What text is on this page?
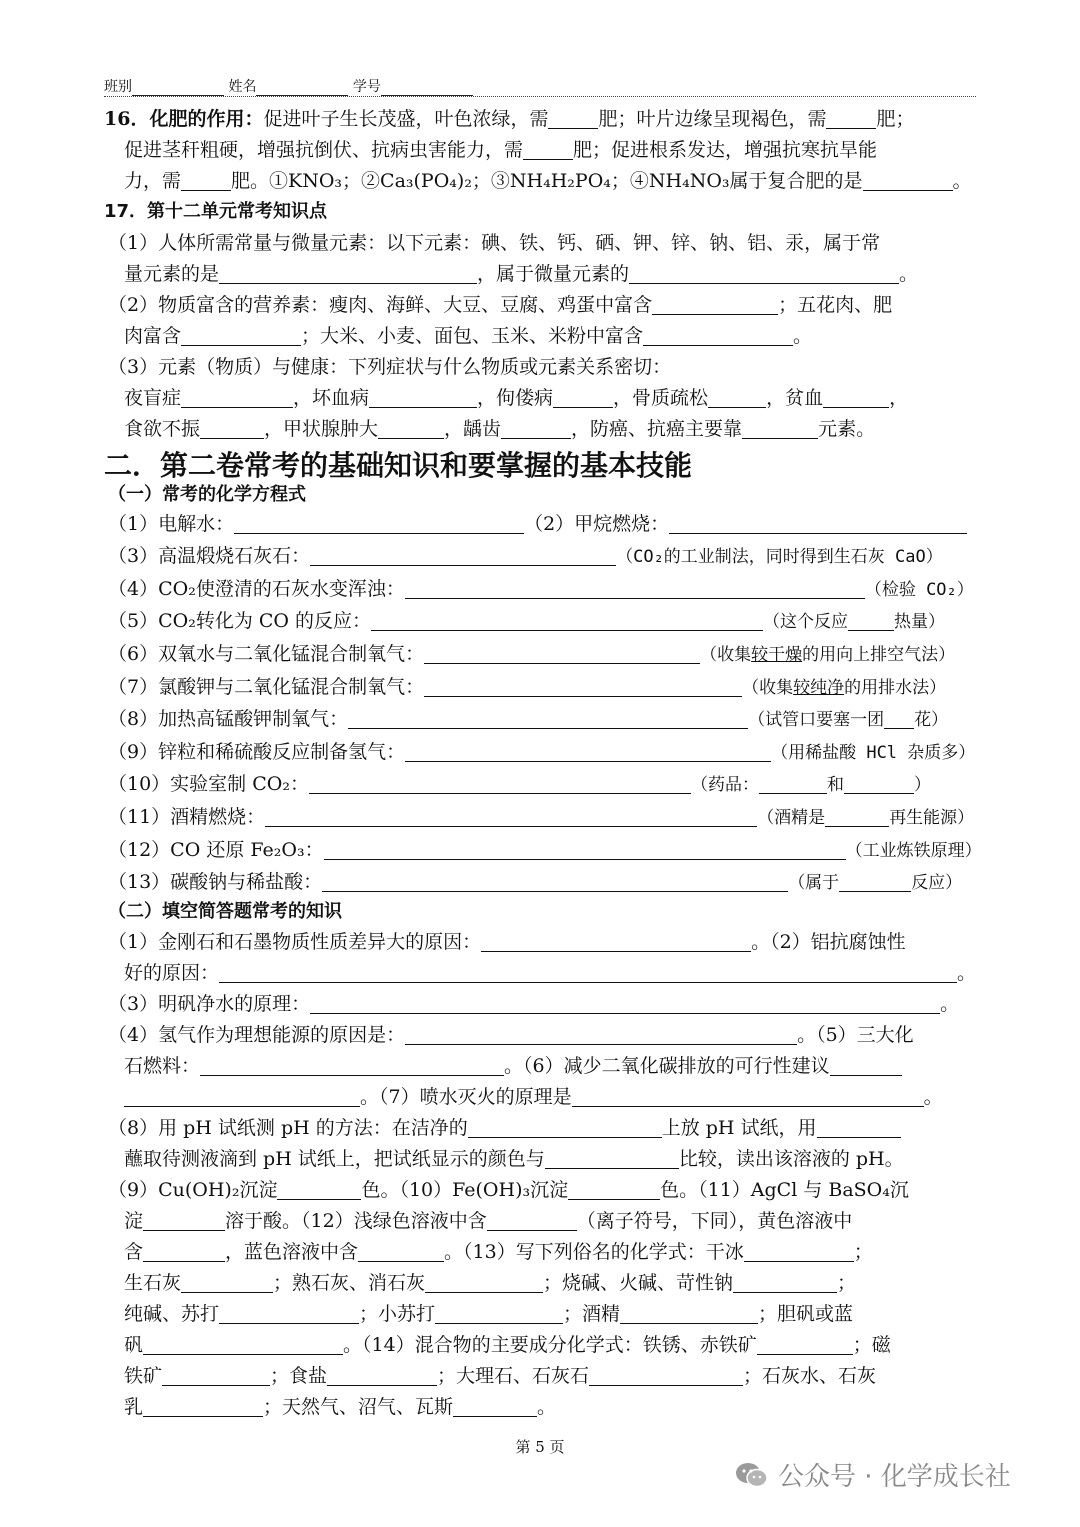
班别	姓名	学号
16．化肥的作用：促进叶子生长茂盛，叶色浓绿，需	肥；叶片边缘呈现褐色，需	肥；
促进茎秆粗硬，增强抗倒伏、抗病虫害能力，需	肥；促进根系发达，增强抗寒抗旱能
力，需	肥。①KNO₃；②Ca₃(PO₄)₂；③NH₄H₂PO₄；④NH₄NO₃属于复合肥的是	。
17．第十二单元常考知识点
（1）人体所需常量与微量元素：以下元素：碘、铁、钙、硒、钾、锌、钠、铝、汞，属于常
量元素的是	，属于微量元素的	。
（2）物质富含的营养素：瘦肉、海鲜、大豆、豆腐、鸡蛋中富含	；五花肉、肥
肉富含	；大米、小麦、面包、玉米、米粉中富含	。
（3）元素（物质）与健康：下列症状与什么物质或元素关系密切：
夜盲症	，坏血病	，佝偻病	，骨质疏松	，贫血	，
食欲不振	，甲状腺肿大	，龋齿	，防癌、抗癌主要靠	元素。
二．第二卷常考的基础知识和要掌握的基本技能
（一）常考的化学方程式
（1）电解水：	（2）甲烷燃烧：
（3）高温煅烧石灰石：	（CO₂的工业制法，同时得到生石灰 CaO）
（4）CO₂使澄清的石灰水变浑浊：	（检验 CO₂）
（5）CO₂转化为 CO 的反应：	（这个反应	热量）
（6）双氧水与二氧化锰混合制氧气：	（收集较干燥的用向上排空气法）
（7）氯酸钾与二氧化锰混合制氧气：	（收集较纯净的用排水法）
（8）加热高锰酸钾制氧气：	（试管口要塞一团 花）
（9）锌粒和稀硫酸反应制备氢气：	（用稀盐酸 HCl 杂质多）
（10）实验室制 CO₂：	（药品：	和	）
（11）酒精燃烧：	（酒精是	再生能源）
（12）CO 还原 Fe₂O₃：	（工业炼铁原理）
（13）碳酸钠与稀盐酸：	（属于	反应）
（二）填空简答题常考的知识
（1）金刚石和石墨物质性质差异大的原因：	。（2）铝抗腐蚀性
好的原因：	。
（3）明矾净水的原理：	。
（4）氢气作为理想能源的原因是：	。（5）三大化
石燃料：	。（6）减少二氧化碳排放的可行性建议
。（7）喷水灭火的原理是	。
（8）用 pH 试纸测 pH 的方法：在洁净的	上放 pH 试纸，用
蘸取待测液滴到 pH 试纸上，把试纸显示的颜色与	比较，读出该溶液的 pH。
（9）Cu(OH)₂沉淀	色。（10）Fe(OH)₃沉淀	色。（11）AgCl 与 BaSO₄沉
淀	溶于酸。（12）浅绿色溶液中含	（离子符号，下同），黄色溶液中
含	，蓝色溶液中含	。（13）写下列俗名的化学式：干冰	；
生石灰	；熟石灰、消石灰	；烧碱、火碱、苛性钠	；
纯碱、苏打	；小苏打	；酒精	；胆矾或蓝
矾	。（14）混合物的主要成分化学式：铁锈、赤铁矿	；磁
铁矿	；食盐	；大理石、石灰石	；石灰水、石灰
乳	；天然气、沼气、瓦斯	。
第 5 页
公众号 · 化学成长社
